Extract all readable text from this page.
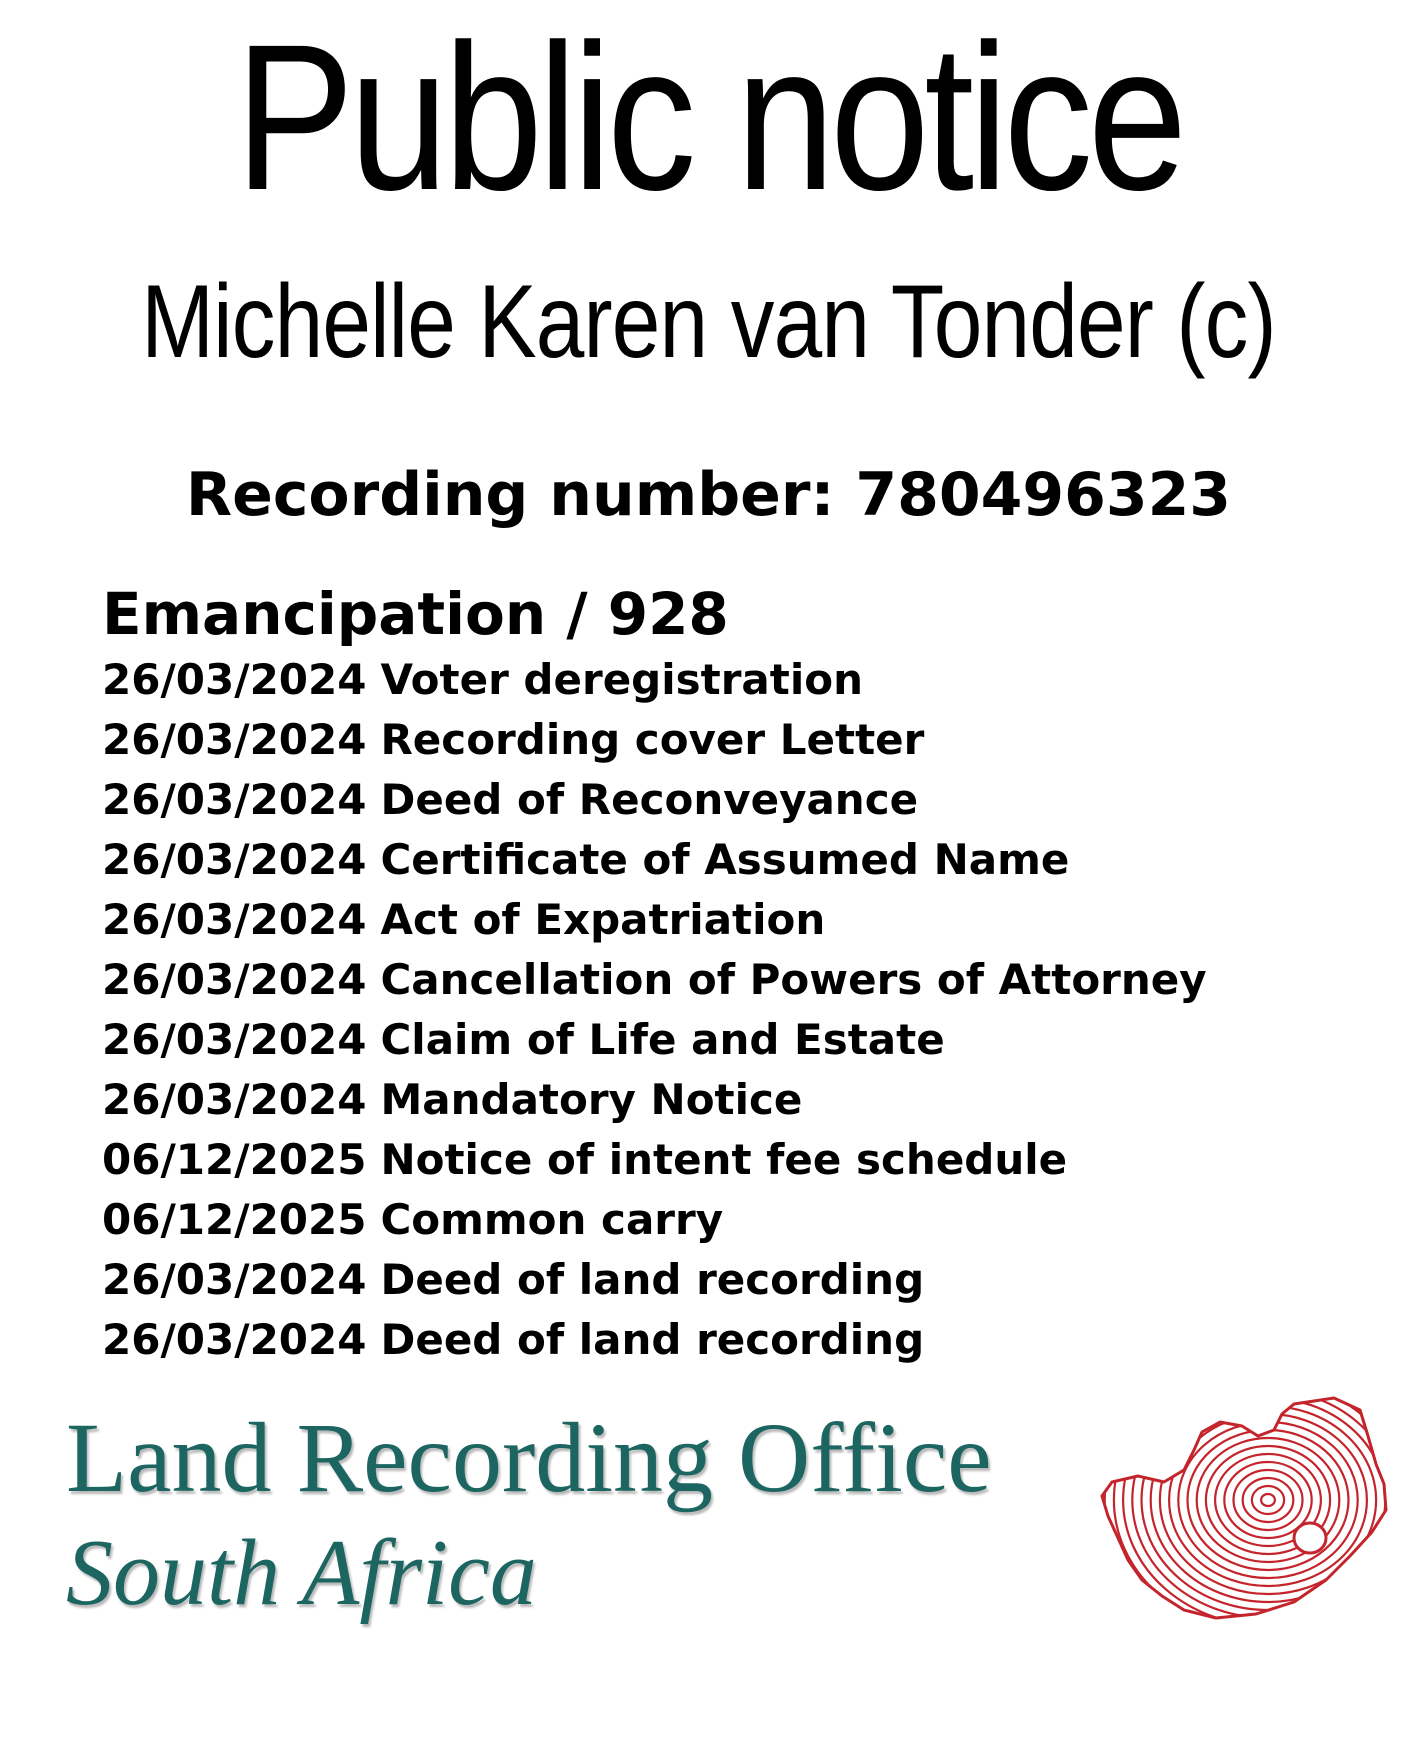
Public notice
Michelle Karen van Tonder (c)
Recording number: 780496323
Emancipation / 928
26/03/2024 Voter deregistration
26/03/2024 Recording cover Letter
26/03/2024 Deed of Reconveyance
26/03/2024 Certificate of Assumed Name
26/03/2024 Act of Expatriation
26/03/2024 Cancellation of Powers of Attorney
26/03/2024 Claim of Life and Estate
26/03/2024 Mandatory Notice
06/12/2025 Notice of intent fee schedule
06/12/2025 Common carry
26/03/2024 Deed of land recording
26/03/2024 Deed of land recording
Land Recording Office
South Africa
